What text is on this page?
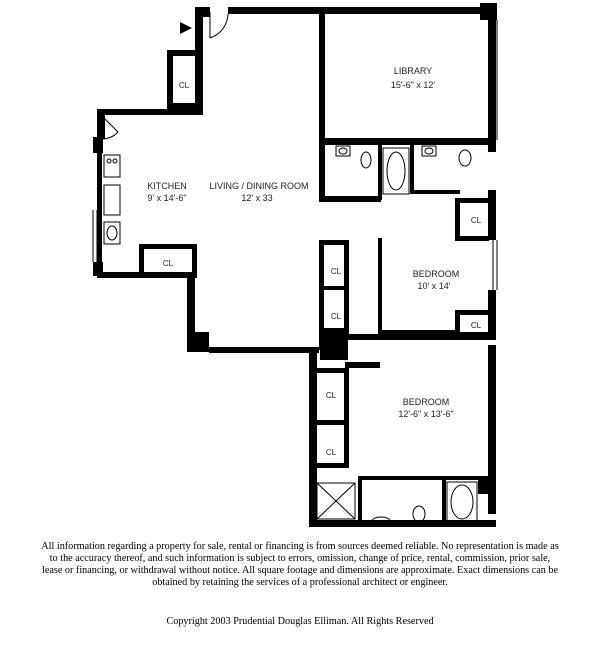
LIBRARY
15'-6" x 12'
LIVING / DINING ROOM
12' x 33
KITCHEN
9' x 14'-6"
BEDROOM
10' x 14'
BEDROOM
12'-6" x 13'-6"
CL
CL
CL
CL
CL
CL
CL
CL

All information regarding a property for sale, rental or financing is from sources deemed reliable. No representation is made as to the accuracy thereof, and such information is subject to errors, omission, change of price, rental, commission, prior sale, lease or financing, or withdrawal without notice. All square footage and dimensions are approximate. Exact dimensions can be obtained by retaining the services of a professional architect or engineer.

Copyright 2003 Prudential Douglas Elliman. All Rights Reserved
